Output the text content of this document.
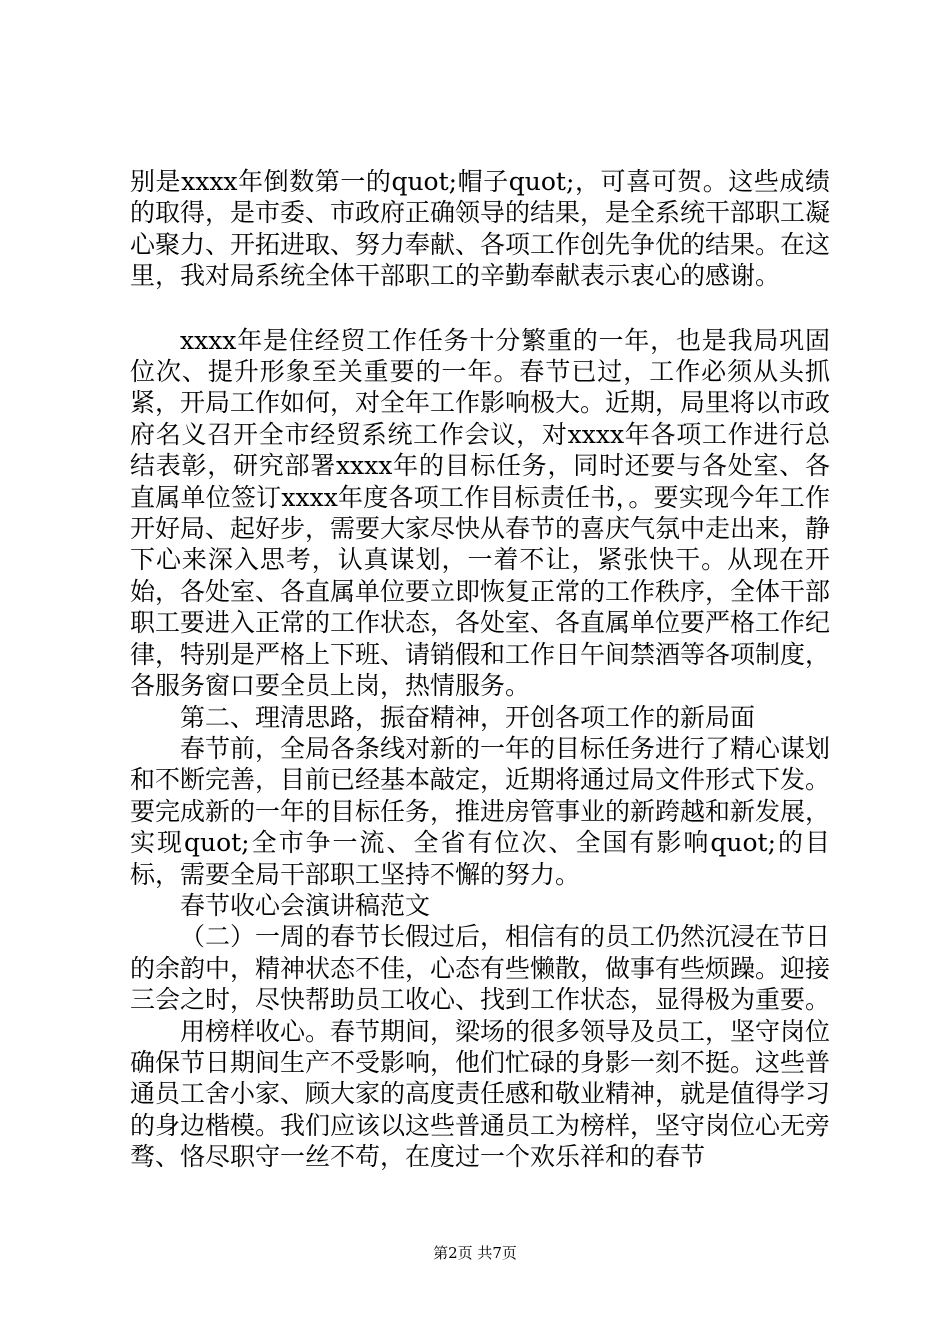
别是xxxx年倒数第一的quot;帽子quot;，可喜可贺。这些成绩的取得，是市委、市政府正确领导的结果，是全系统干部职工凝心聚力、开拓进取、努力奉献、各项工作创先争优的结果。在这里，我对局系统全体干部职工的辛勤奉献表示衷心的感谢。

xxxx年是住经贸工作任务十分繁重的一年，也是我局巩固位次、提升形象至关重要的一年。春节已过，工作必须从头抓紧，开局工作如何，对全年工作影响极大。近期，局里将以市政府名义召开全市经贸系统工作会议，对xxxx年各项工作进行总结表彰，研究部署xxxx年的目标任务，同时还要与各处室、各直属单位签订xxxx年度各项工作目标责任书，。要实现今年工作开好局、起好步，需要大家尽快从春节的喜庆气氛中走出来，静下心来深入思考，认真谋划，一着不让，紧张快干。从现在开始，各处室、各直属单位要立即恢复正常的工作秩序，全体干部职工要进入正常的工作状态，各处室、各直属单位要严格工作纪律，特别是严格上下班、请销假和工作日午间禁酒等各项制度，各服务窗口要全员上岗，热情服务。

第二、理清思路，振奋精神，开创各项工作的新局面

春节前，全局各条线对新的一年的目标任务进行了精心谋划和不断完善，目前已经基本敲定，近期将通过局文件形式下发。要完成新的一年的目标任务，推进房管事业的新跨越和新发展，实现quot;全市争一流、全省有位次、全国有影响quot;的目标，需要全局干部职工坚持不懈的努力。

春节收心会演讲稿范文

（二）一周的春节长假过后，相信有的员工仍然沉浸在节日的余韵中，精神状态不佳，心态有些懒散，做事有些烦躁。迎接三会之时，尽快帮助员工收心、找到工作状态，显得极为重要。

用榜样收心。春节期间，梁场的很多领导及员工，坚守岗位确保节日期间生产不受影响，他们忙碌的身影一刻不挺。这些普通员工舍小家、顾大家的高度责任感和敬业精神，就是值得学习的身边楷模。我们应该以这些普通员工为榜样，坚守岗位心无旁骛、恪尽职守一丝不苟，在度过一个欢乐祥和的春节

第2页 共7页
